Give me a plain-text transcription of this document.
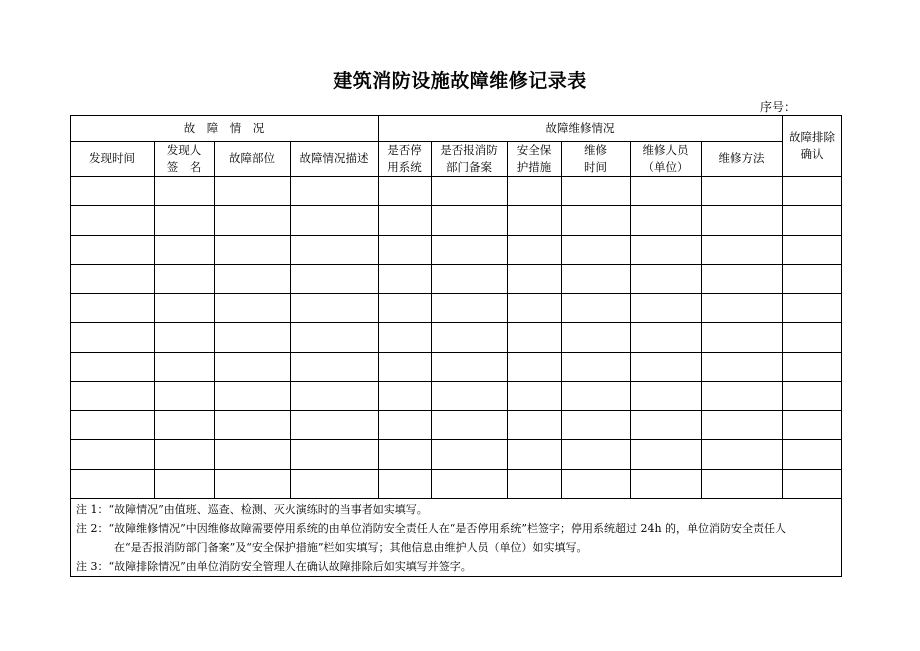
建筑消防设施故障维修记录表
序号：
故　障　情　况	故障维修情况
故障排除
确认
发现时间
发现人
签　名
故障部位	故障情况描述
是否停
用系统
是否报消防
部门备案
安全保
护措施
维修
时间
维修人员
（单位）
维修方法
注 1：“故障情况”由值班、巡查、检测、灭火演练时的当事者如实填写。
注 2：“故障维修情况”中因维修故障需要停用系统的由单位消防安全责任人在“是否停用系统”栏签字；停用系统超过 24h 的，单位消防安全责任人
在“是否报消防部门备案”及“安全保护措施”栏如实填写；其他信息由维护人员（单位）如实填写。
注 3：“故障排除情况”由单位消防安全管理人在确认故障排除后如实填写并签字。
